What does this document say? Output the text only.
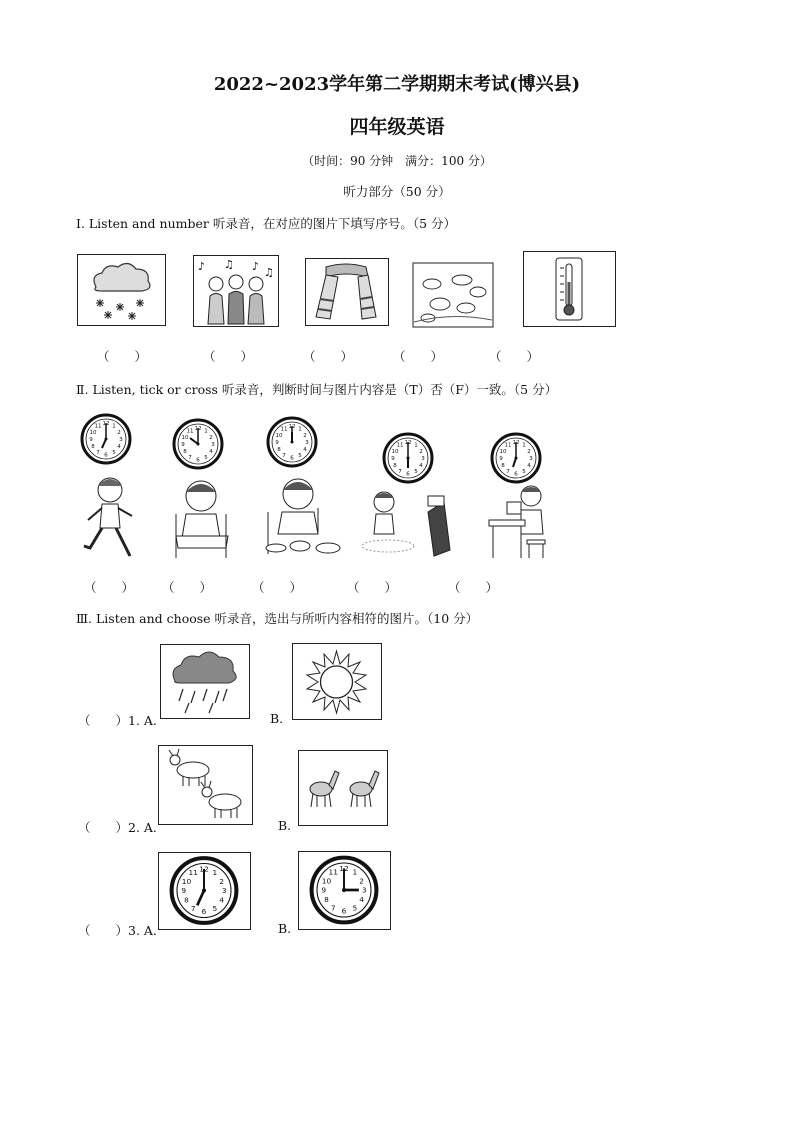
2022~2023学年第二学期期末考试(博兴县)
四年级英语
（时间：90 分钟　满分：100 分）
听力部分（50 分）
Ⅰ. Listen and number 听录音，在对应的图片下填写序号。（5 分）
♪ ♫ ♪ ♫
（　　）	（　　）	（　　）	（　　）	（　　）
Ⅱ. Listen, tick or cross 听录音，判断时间与图片内容是（T）否（F）一致。（5 分）
（　　） （　　）	（　　）	（　　）	（　　）
Ⅲ. Listen and choose 听录音，选出与所听内容相符的图片。（10 分）
（　　）1. A.	B.
（　　）2. A.	B.
（　　）3. A.	B.
